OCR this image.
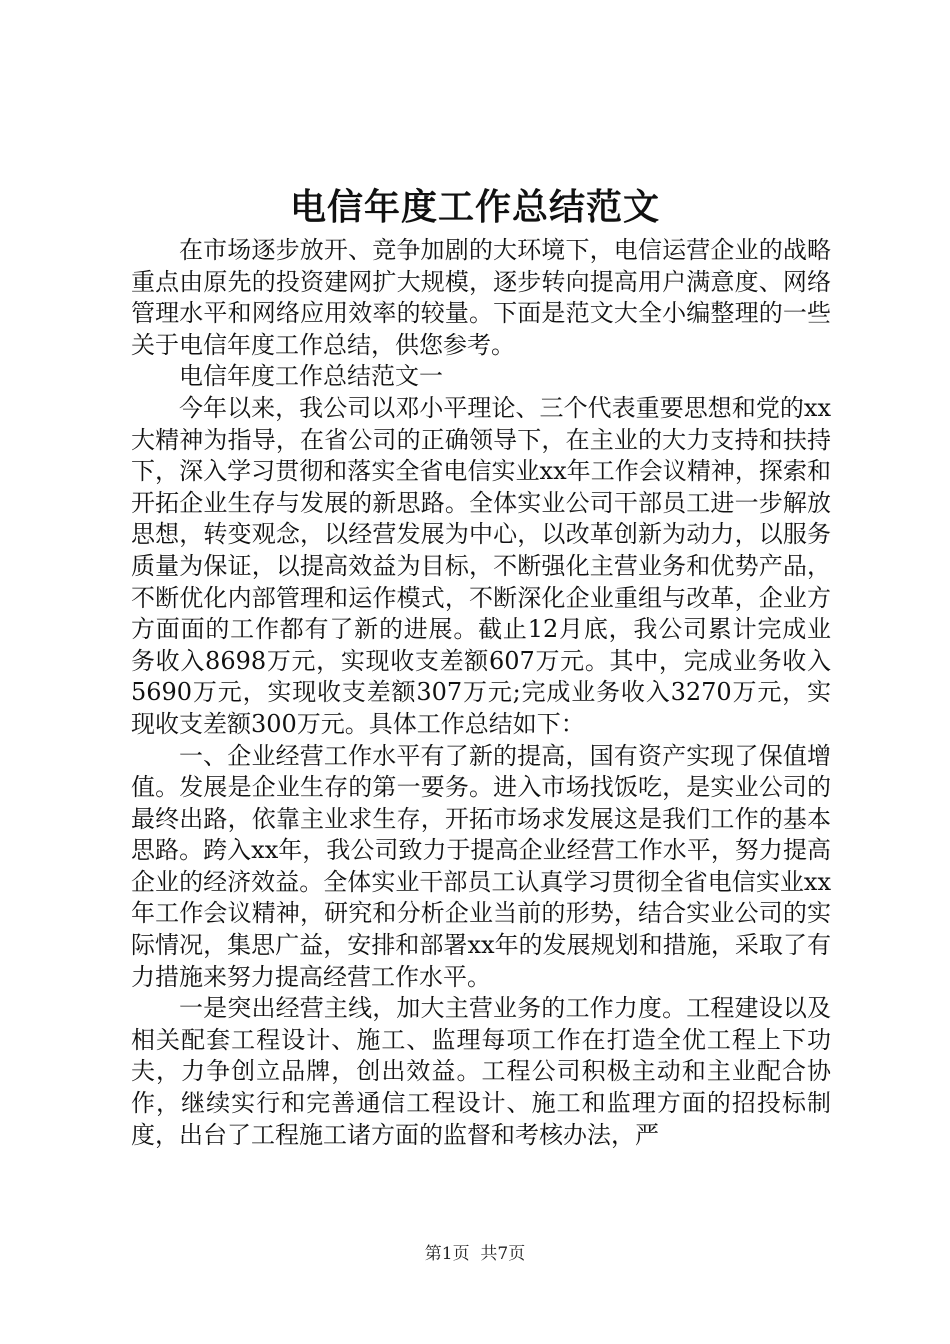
电信年度工作总结范文

在市场逐步放开、竞争加剧的大环境下，电信运营企业的战略重点由原先的投资建网扩大规模，逐步转向提高用户满意度、网络管理水平和网络应用效率的较量。下面是范文大全小编整理的一些关于电信年度工作总结，供您参考。

电信年度工作总结范文一

今年以来，我公司以邓小平理论、三个代表重要思想和党的xx大精神为指导，在省公司的正确领导下，在主业的大力支持和扶持下，深入学习贯彻和落实全省电信实业xx年工作会议精神，探索和开拓企业生存与发展的新思路。全体实业公司干部员工进一步解放思想，转变观念，以经营发展为中心，以改革创新为动力，以服务质量为保证，以提高效益为目标，不断强化主营业务和优势产品，不断优化内部管理和运作模式，不断深化企业重组与改革，企业方方面面的工作都有了新的进展。截止12月底，我公司累计完成业务收入8698万元，实现收支差额607万元。其中，完成业务收入5690万元，实现收支差额307万元;完成业务收入3270万元，实现收支差额300万元。具体工作总结如下：

一、企业经营工作水平有了新的提高，国有资产实现了保值增值。发展是企业生存的第一要务。进入市场找饭吃，是实业公司的最终出路，依靠主业求生存，开拓市场求发展这是我们工作的基本思路。跨入xx年，我公司致力于提高企业经营工作水平，努力提高企业的经济效益。全体实业干部员工认真学习贯彻全省电信实业xx年工作会议精神，研究和分析企业当前的形势，结合实业公司的实际情况，集思广益，安排和部署xx年的发展规划和措施，采取了有力措施来努力提高经营工作水平。

一是突出经营主线，加大主营业务的工作力度。工程建设以及相关配套工程设计、施工、监理每项工作在打造全优工程上下功夫，力争创立品牌，创出效益。工程公司积极主动和主业配合协作，继续实行和完善通信工程设计、施工和监理方面的招投标制度，出台了工程施工诸方面的监督和考核办法，严

第1页  共7页
